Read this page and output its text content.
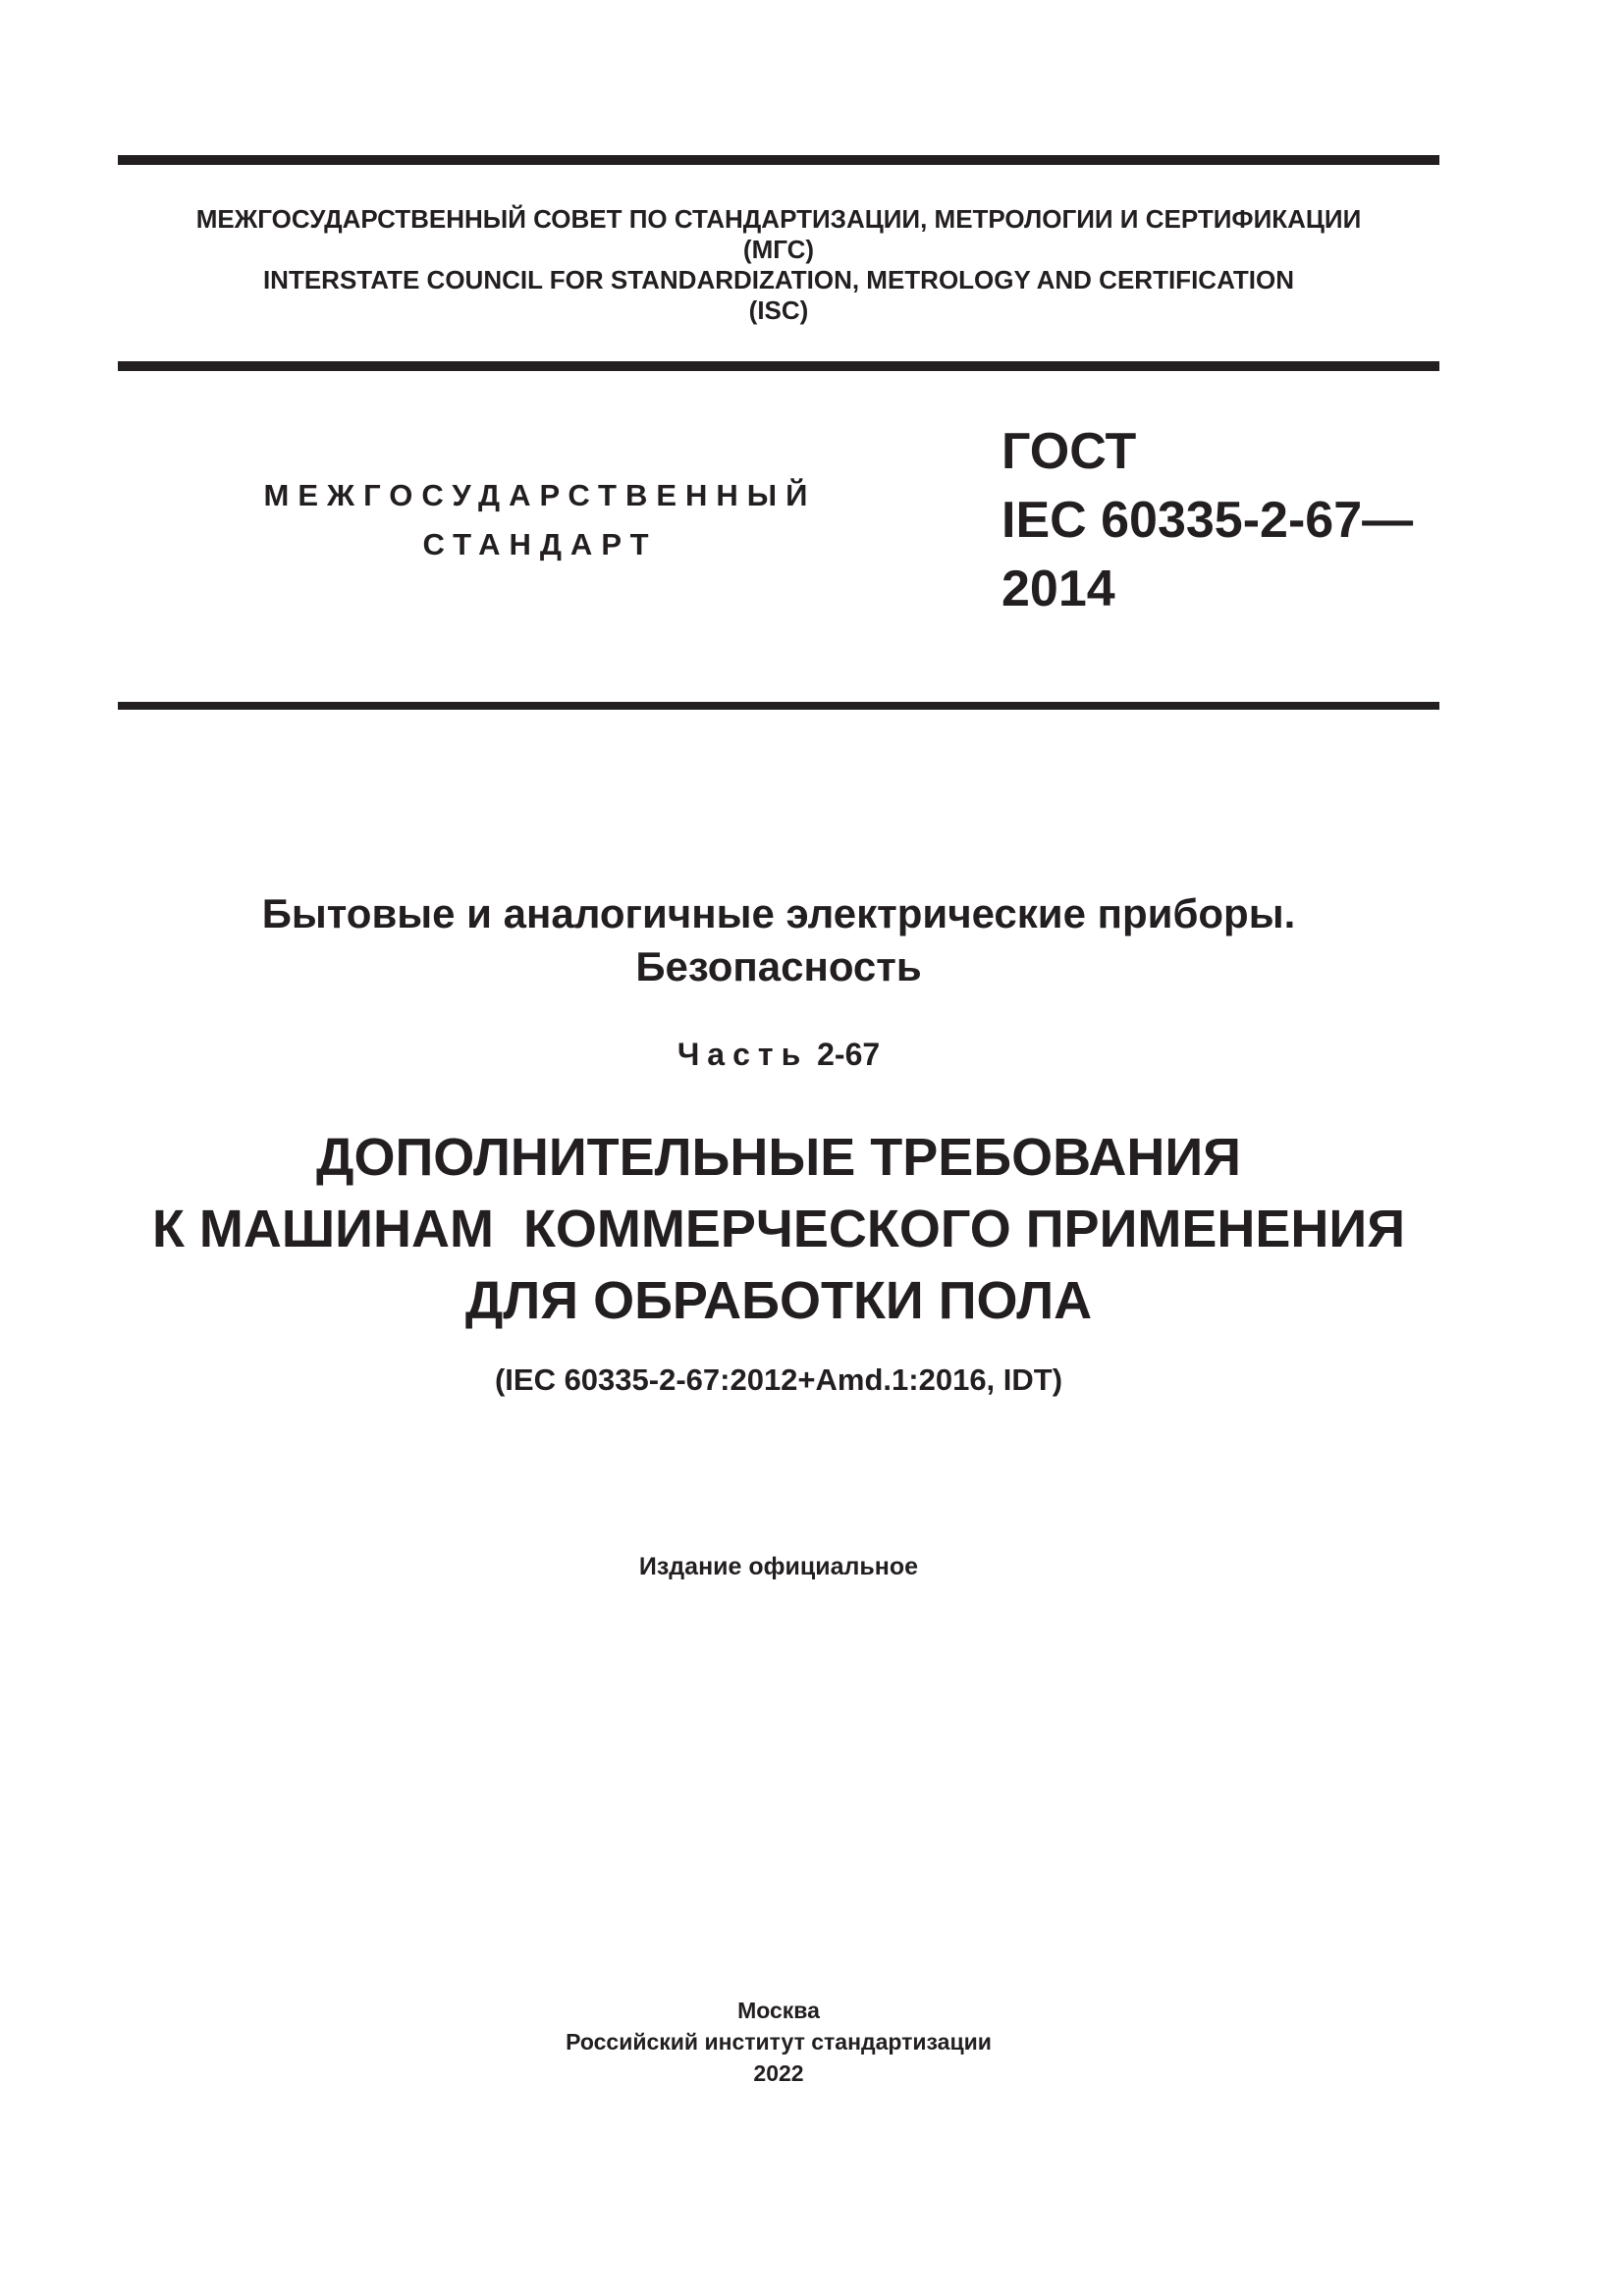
МЕЖГОСУДАРСТВЕННЫЙ СОВЕТ ПО СТАНДАРТИЗАЦИИ, МЕТРОЛОГИИ И СЕРТИФИКАЦИИ
(МГС)
INTERSTATE COUNCIL FOR STANDARDIZATION, METROLOGY AND CERTIFICATION
(ISC)
МЕЖГОСУДАРСТВЕННЫЙ
СТАНДАРТ
ГОСТ
IEC 60335-2-67—
2014
Бытовые и аналогичные электрические приборы.
Безопасность
Часть 2-67
ДОПОЛНИТЕЛЬНЫЕ ТРЕБОВАНИЯ
К МАШИНАМ  КОММЕРЧЕСКОГО ПРИМЕНЕНИЯ
ДЛЯ ОБРАБОТКИ ПОЛА
(IEC 60335-2-67:2012+Amd.1:2016, IDT)
Издание официальное
Москва
Российский институт стандартизации
2022
